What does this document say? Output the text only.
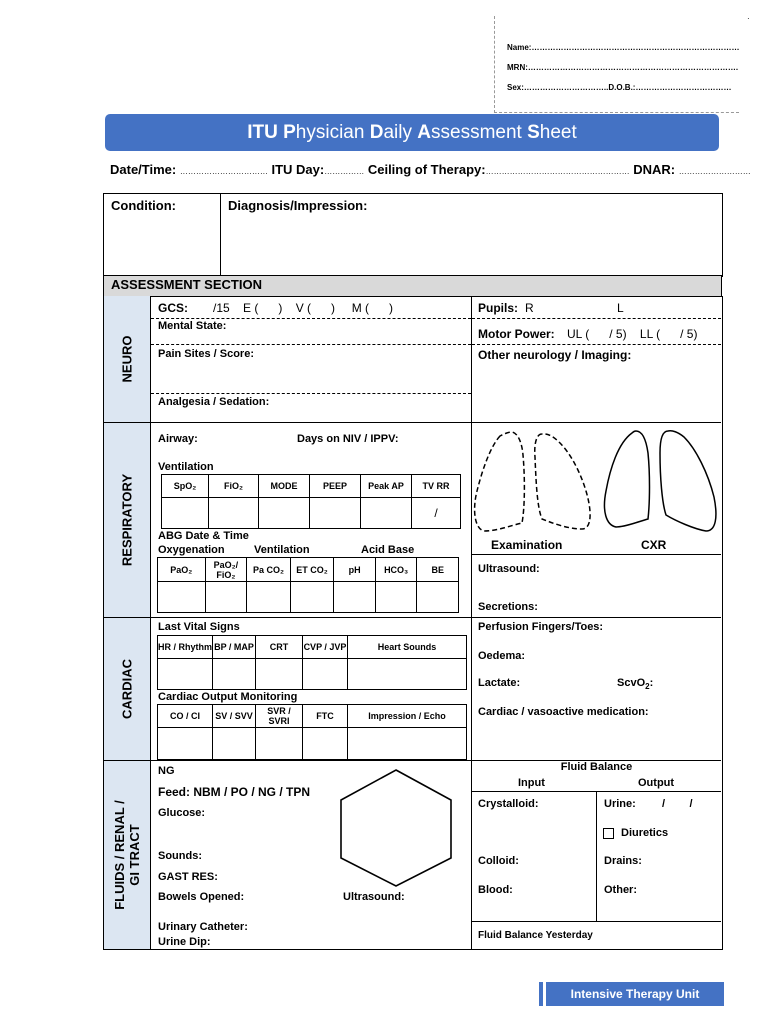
Name:……………………………………………………………………
MRN:…………………………………………………………………….
Sex:…………………………..D.O.B.:………………………………
·
ITU Physician Daily Assessment Sheet
Date/Time: …………………………… ITU Day:…………… Ceiling of Therapy:……………………………………………… DNAR: ………………………
Condition:	Diagnosis/Impression:
ASSESSMENT SECTION
NEURO
RESPIRATORY
CARDIAC
FLUIDS / RENAL /
GI TRACT
GCS: /15    E (      )    V (      )     M (      )
Mental State:
Pain Sites / Score:
Analgesia / Sedation:
Pupils: R	L
Motor Power: UL (      / 5)    LL (      / 5)
Other neurology / Imaging:
Airway:	Days on NIV / IPPV:
Ventilation
SpO₂	FiO₂	MODE	PEEP	Peak AP	TV RR
					/
ABG Date & Time
Oxygenation	Ventilation	Acid Base
PaO₂	PaO₂/ FiO₂	Pa CO₂	ET CO₂	pH	HCO₃	BE

Examination	CXR
Ultrasound:
Secretions:
Last Vital Signs
HR / Rhythm	BP / MAP	CRT	CVP / JVP	Heart Sounds

Cardiac Output Monitoring
CO / CI	SV / SVV	SVR / SVRI	FTC	Impression / Echo

Perfusion Fingers/Toes:
Oedema:
Lactate:	ScvO$_2$:
Cardiac / vasoactive medication:
NG
Feed: NBM / PO / NG / TPN
Glucose:
Sounds:
GAST RES:
Bowels Opened:	Ultrasound:
Urinary Catheter:
Urine Dip:
Fluid Balance
Input	Output
Crystalloid:	Urine: /        /
Diuretics
Colloid:	Drains:
Blood:	Other:
Fluid Balance Yesterday
Intensive Therapy Unit
